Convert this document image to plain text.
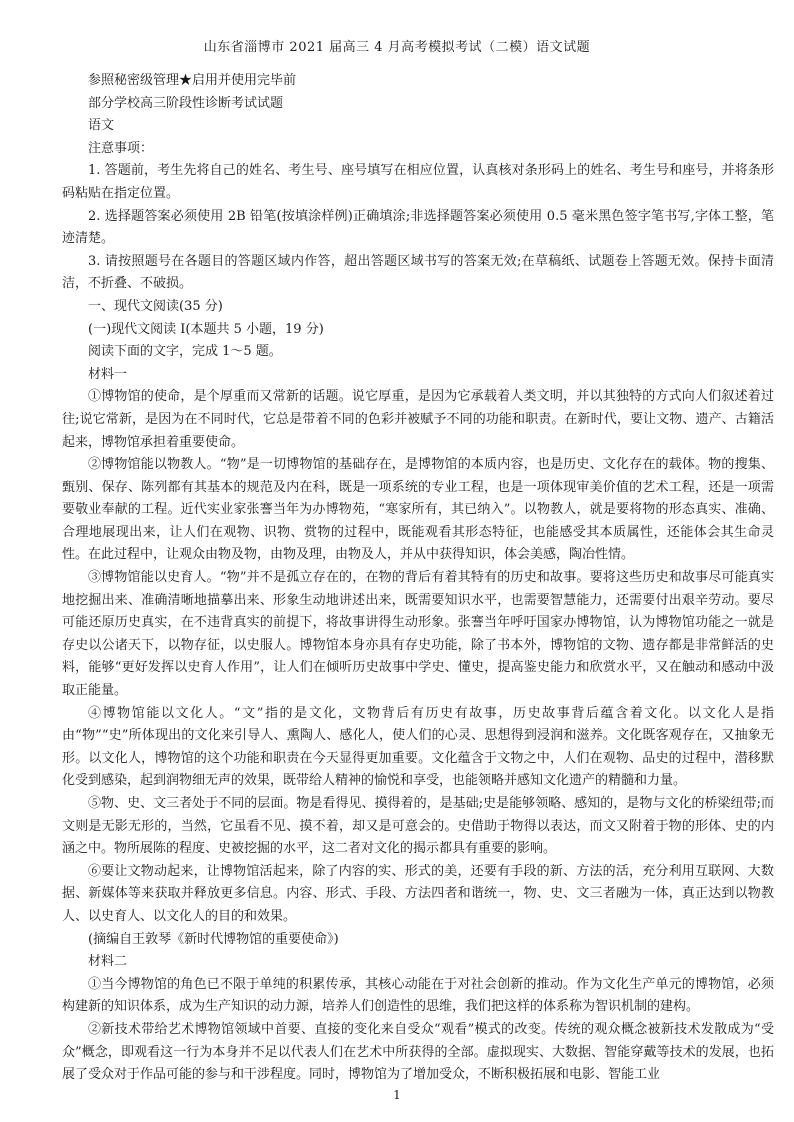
山东省淄博市 2021 届高三 4 月高考模拟考试（二模）语文试题

参照秘密级管理★启用并使用完毕前

部分学校高三阶段性诊断考试试题

语文

注意事项：

1. 答题前，考生先将自己的姓名、考生号、座号填写在相应位置，认真核对条形码上的姓名、考生号和座号，并将条形码粘贴在指定位置。

2. 选择题答案必须使用 2B 铅笔(按填涂样例)正确填涂;非选择题答案必须使用 0.5 毫米黑色签字笔书写,字体工整，笔迹清楚。

3. 请按照题号在各题目的答题区域内作答，超出答题区域书写的答案无效;在草稿纸、试题卷上答题无效。保持卡面清洁，不折叠、不破损。

一、现代文阅读(35 分)

(一)现代文阅读 I(本题共 5 小题，19 分)

阅读下面的文字，完成 1～5 题。

材料一

①博物馆的使命，是个厚重而又常新的话题。说它厚重，是因为它承载着人类文明，并以其独特的方式向人们叙述着过往;说它常新，是因为在不同时代，它总是带着不同的色彩并被赋予不同的功能和职责。在新时代，要让文物、遗产、古籍活起来，博物馆承担着重要使命。

②博物馆能以物教人。“物”是一切博物馆的基础存在，是博物馆的本质内容，也是历史、文化存在的载体。物的搜集、甄别、保存、陈列都有其基本的规范及内在科，既是一项系统的专业工程，也是一项体现审美价值的艺术工程，还是一项需要敬业奉献的工程。近代实业家张謇当年为办博物苑，“寒家所有，其已纳入”。以物教人，就是要将物的形态真实、准确、合理地展现出来，让人们在观物、识物、赏物的过程中，既能观看其形态特征，也能感受其本质属性，还能体会其生命灵性。在此过程中，让观众由物及物，由物及理，由物及人，并从中获得知识，体会美感，陶冶性情。

③博物馆能以史育人。“物”并不是孤立存在的，在物的背后有着其特有的历史和故事。要将这些历史和故事尽可能真实地挖掘出来、准确清晰地描摹出来、形象生动地讲述出来，既需要知识水平，也需要智慧能力，还需要付出艰辛劳动。要尽可能还原历史真实，在不违背真实的前提下，将故事讲得生动形象。张謇当年呼吁国家办博物馆，认为博物馆功能之一就是存史以公诸天下，以物存征，以史服人。博物馆本身亦具有存史功能，除了书本外，博物馆的文物、遗存都是非常鲜活的史料，能够“更好发挥以史育人作用”，让人们在倾听历史故事中学史、懂史，提高鉴史能力和欣赏水平，又在触动和感动中汲取正能量。

④博物馆能以文化人。“文”指的是文化，文物背后有历史有故事，历史故事背后蕴含着文化。以文化人是指由“物”“史”所体现出的文化来引导人、熏陶人、感化人，使人们的心灵、思想得到浸润和滋养。文化既客观存在，又抽象无形。以文化人，博物馆的这个功能和职责在今天显得更加重要。文化蕴含于文物之中，人们在观物、品史的过程中，潜移默化受到感染，起到润物细无声的效果，既带给人精神的愉悦和享受，也能领略并感知文化遗产的精髓和力量。

⑤物、史、文三者处于不同的层面。物是看得见、摸得着的，是基础;史是能够领略、感知的，是物与文化的桥梁纽带;而文则是无影无形的，当然，它虽看不见、摸不着，却又是可意会的。史借助于物得以表达，而文又附着于物的形体、史的内涵之中。物所展陈的程度、史被挖掘的水平，这二者对文化的揭示都具有重要的影响。

⑥要让文物动起来，让博物馆活起来，除了内容的实、形式的美，还要有手段的新、方法的活，充分利用互联网、大数据、新媒体等来获取并释放更多信息。内容、形式、手段、方法四者和谐统一，物、史、文三者融为一体，真正达到以物教人、以史育人、以文化人的目的和效果。

(摘编自王敦琴《新时代博物馆的重要使命》)

材料二

①当今博物馆的角色已不限于单纯的积累传承，其核心动能在于对社会创新的推动。作为文化生产单元的博物馆，必须构建新的知识体系，成为生产知识的动力源，培养人们创造性的思维，我们把这样的体系称为智识机制的建构。

②新技术带给艺术博物馆领域中首要、直接的变化来自受众“观看”模式的改变。传统的观众概念被新技术发散成为“受众”概念，即观看这一行为本身并不足以代表人们在艺术中所获得的全部。虚拟现实、大数据、智能穿戴等技术的发展，也拓展了受众对于作品可能的参与和干涉程度。同时，博物馆为了增加受众，不断积极拓展和电影、智能工业

1
